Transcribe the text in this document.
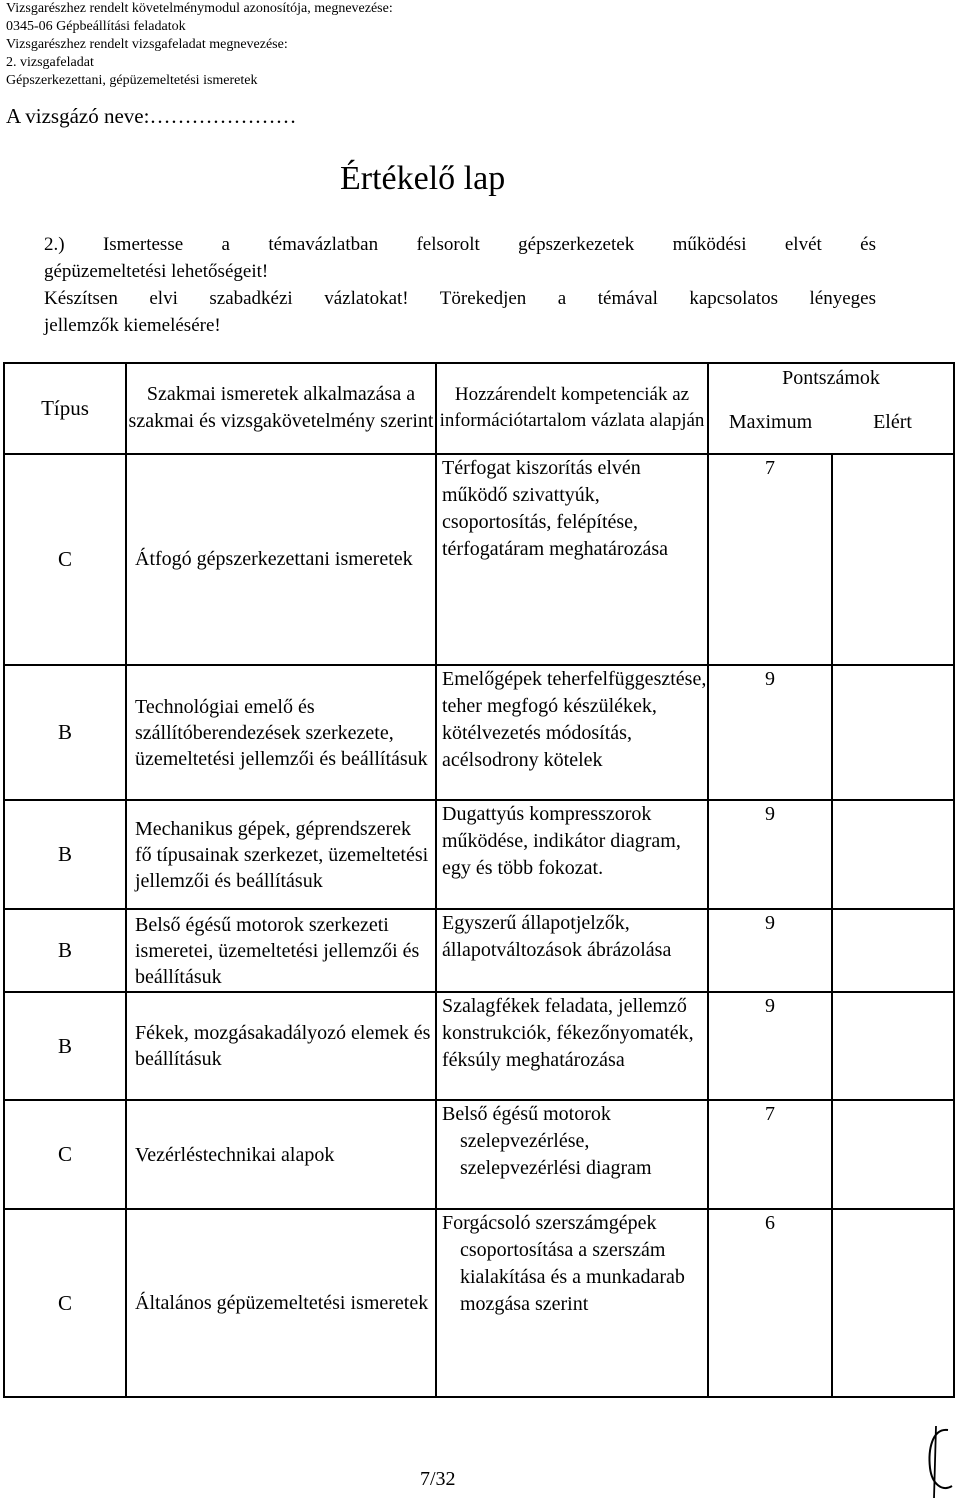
Vizsgarészhez rendelt követelménymodul azonosítója, megnevezése:
0345-06 Gépbeállítási feladatok
Vizsgarészhez rendelt vizsgafeladat megnevezése:
2. vizsgafeladat
Gépszerkezettani, gépüzemeltetési ismeretek
A vizsgázó neve:…………………
Értékelő lap

2.) Ismertesse a témavázlatban felsorolt gépszerkezetek működési elvét és

gépüzemeltetési lehetőségeit!

Készítsen elvi szabadkézi vázlatokat! Törekedjen a témával kapcsolatos lényeges

jellemzők kiemelésére!

Típus	Szakmai ismeretek alkalmazása a szakmai és vizsgakövetelmény szerint	Hozzárendelt kompetenciák az információtartalom vázlata alapján	Pontszámok	
			Maximum	Elért
C	Átfogó gépszerkezettani ismeretek	Térfogat kiszorítás elvén működő szivattyúk, csoportosítás, felépítése, térfogatáram meghatározása	7	
B	Technológiai emelő és szállítóberendezések szerkezete, üzemeltetési jellemzői és beállításuk	Emelőgépek teherfelfüggesztése, teher megfogó készülékek, kötélvezetés módosítás, acélsodrony kötelek	9	
B	Mechanikus gépek, géprendszerek fő típusainak szerkezet, üzemeltetési jellemzői és beállításuk	Dugattyús kompresszorok működése, indikátor diagram, egy és több fokozat.	9	
B	Belső égésű motorok szerkezeti ismeretei, üzemeltetési jellemzői és beállításuk	Egyszerű állapotjelzők, állapotváltozások ábrázolása	9	
B	Fékek, mozgásakadályozó elemek és beállításuk	Szalagfékek feladata, jellemző konstrukciók, fékezőnyomaték, féksúly meghatározása	9	
C	Vezérléstechnikai alapok	Belső égésű motorok szelepvezérlése, szelepvezérlési diagram	7	
C	Általános gépüzemeltetési ismeretek	Forgácsoló szerszámgépek csoportosítása a szerszám kialakítása és a munkadarab mozgása szerint	6	
7/32
